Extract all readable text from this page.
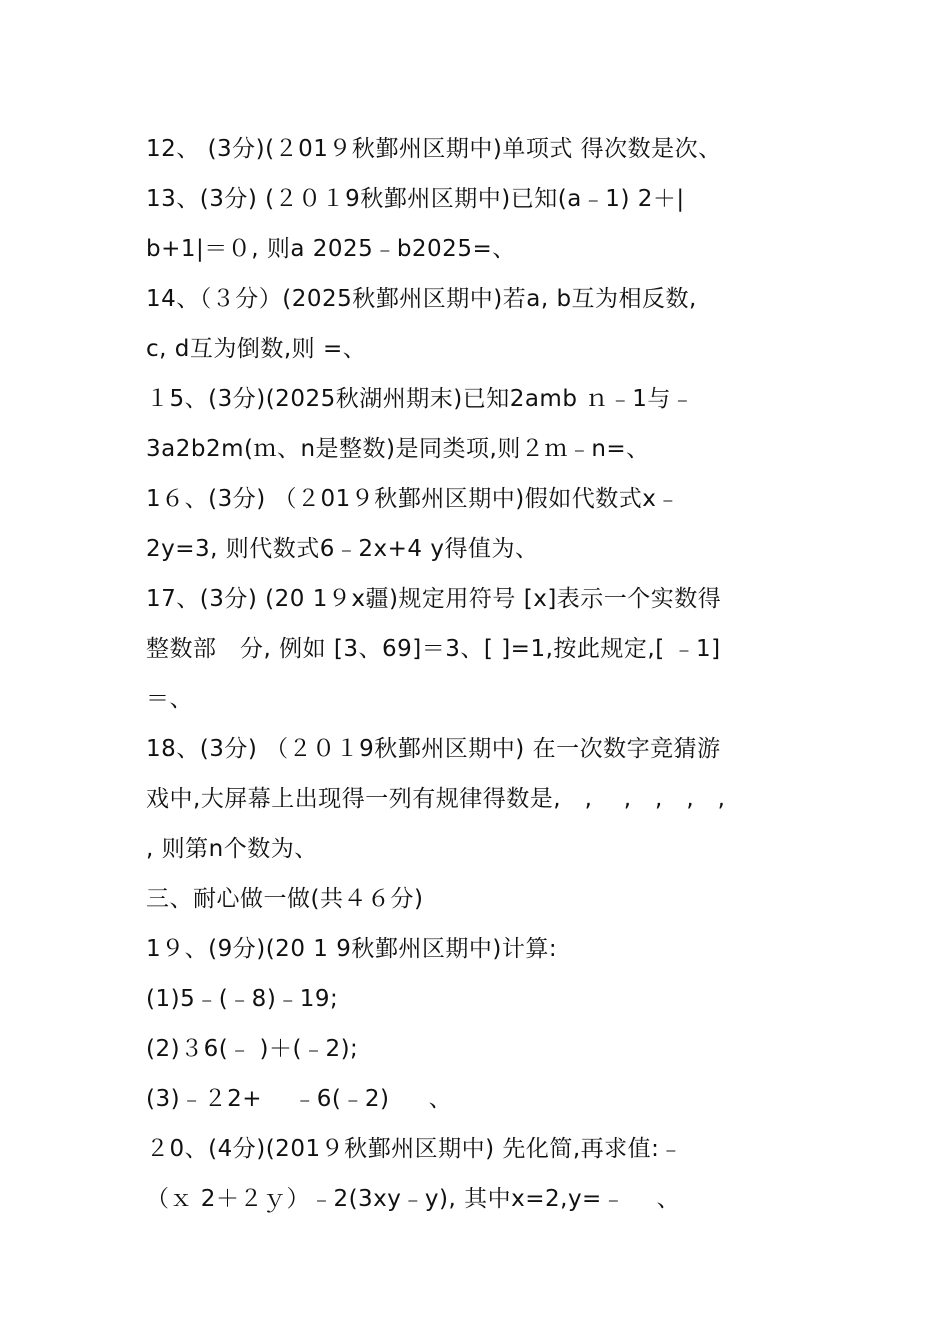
12、 (3分)(２01９秋鄞州区期中)单项式 得次数是次、
13、(3分) (２０１9秋鄞州区期中)已知(a﹣1) 2＋|
b+1|＝０, 则a 2025﹣b2025=、
14、（３分）(2025秋鄞州区期中)若a, b互为相反数,
c, d互为倒数,则 =、
１5、(3分)(2025秋湖州期末)已知2amb ｎ﹣1与﹣
3a2b2m(ｍ、n是整数)是同类项,则２ｍ﹣n=、
1６、(3分) （２01９秋鄞州区期中)假如代数式x﹣
2y=3, 则代数式6﹣2x+4 y得值为、
17、(3分) (20 1９x疆)规定用符号 [x]表示一个实数得
整数部　分, 例如 [3、69]＝3、[ ]=1,按此规定,[ ﹣1]
＝、
18、(3分) （２０１9秋鄞州区期中) 在一次数字竞猜游
戏中,大屏幕上出现得一列有规律得数是,　,　 ,　,　,　,
, 则第n个数为、
三、耐心做一做(共４６分)
1９、(9分)(20 1 9秋鄞州区期中)计算:
(1)5﹣(﹣8)﹣19;
(2)３6(﹣ )＋(﹣2);
(3)﹣２2+ 　﹣6(﹣2) 　 、
２0、(4分)(201９秋鄞州区期中) 先化简,再求值:﹣
（ｘ 2＋２ｙ）﹣2(3xy﹣y), 其中x=2,y=﹣ 　、
